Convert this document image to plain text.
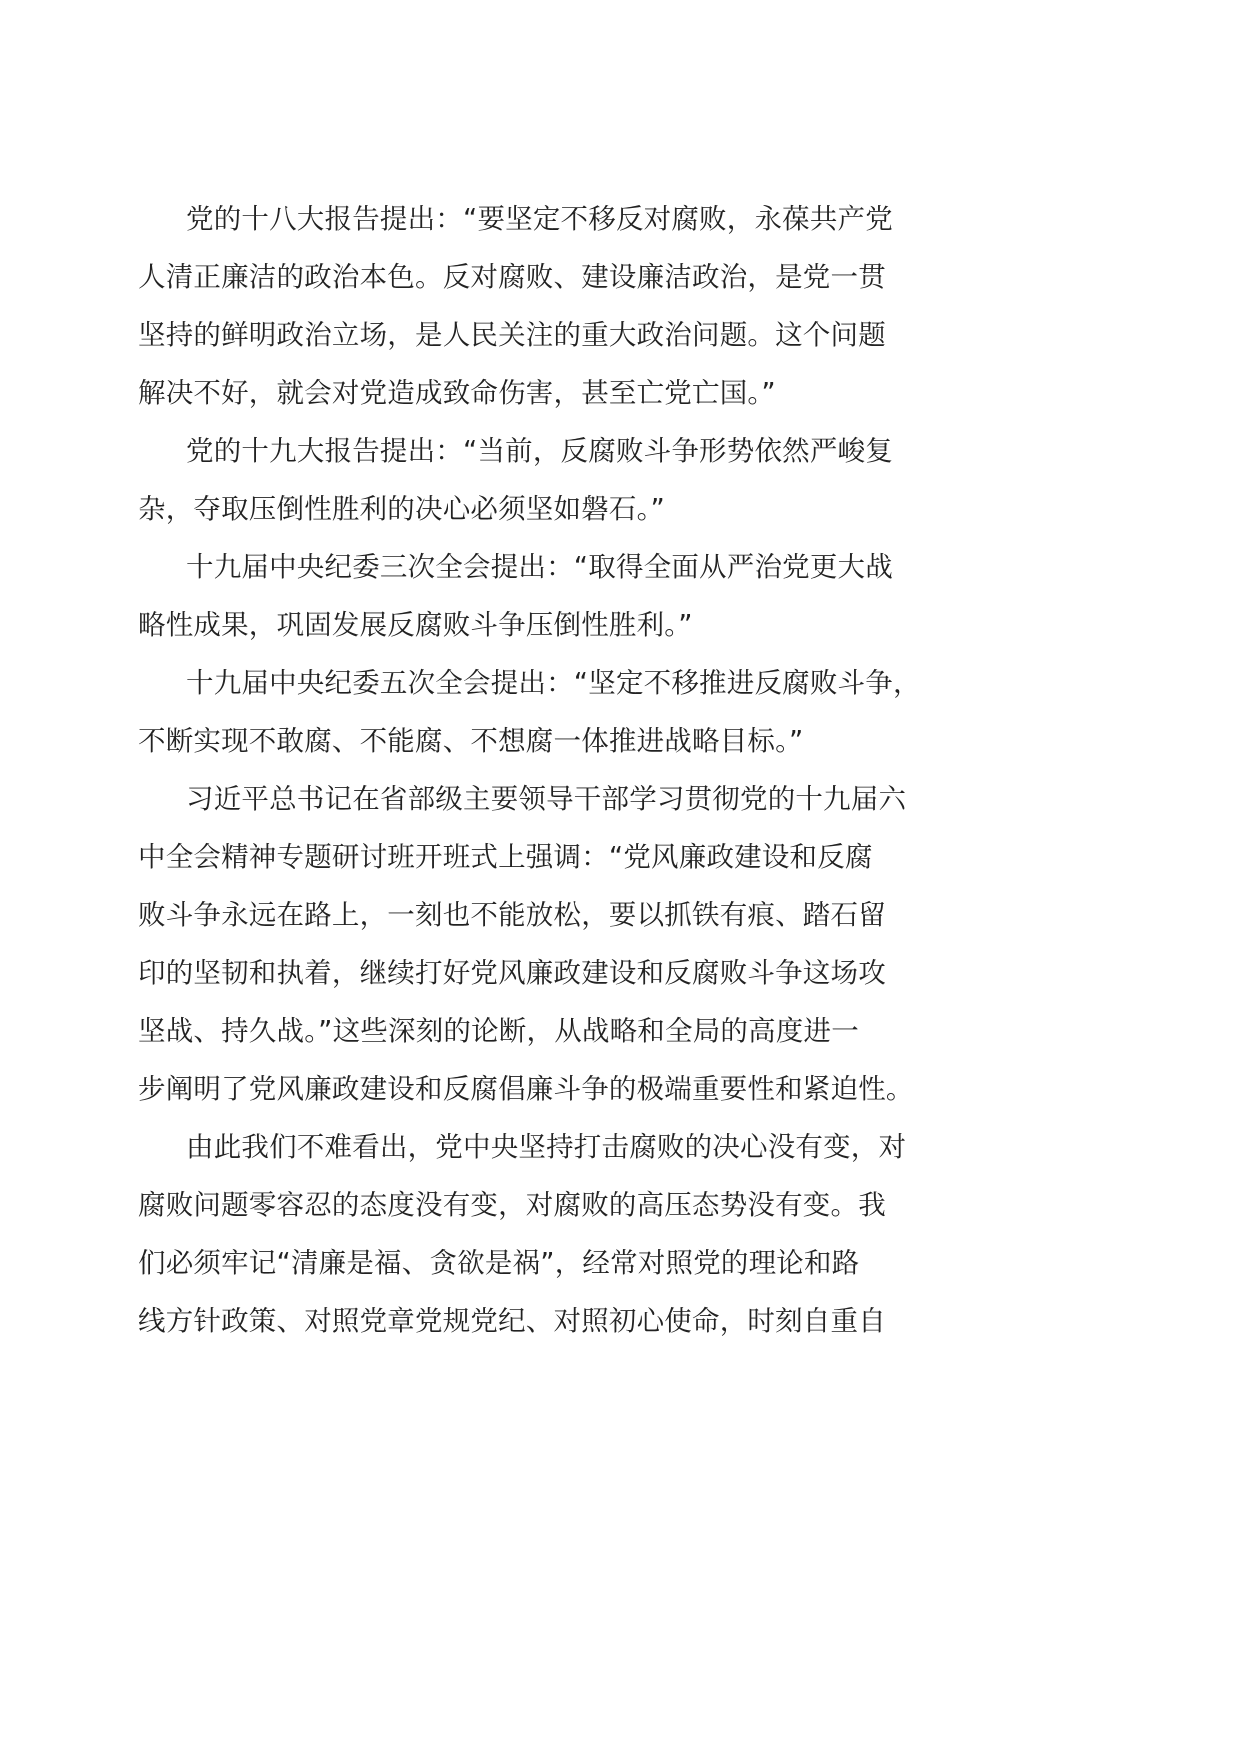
党的十八大报告提出：“要坚定不移反对腐败，永葆共产党
人清正廉洁的政治本色。反对腐败、建设廉洁政治，是党一贯
坚持的鲜明政治立场，是人民关注的重大政治问题。这个问题
解决不好，就会对党造成致命伤害，甚至亡党亡国。”
党的十九大报告提出：“当前，反腐败斗争形势依然严峻复
杂，夺取压倒性胜利的决心必须坚如磐石。”
十九届中央纪委三次全会提出：“取得全面从严治党更大战
略性成果，巩固发展反腐败斗争压倒性胜利。”
十九届中央纪委五次全会提出：“坚定不移推进反腐败斗争，
不断实现不敢腐、不能腐、不想腐一体推进战略目标。”
习近平总书记在省部级主要领导干部学习贯彻党的十九届六
中全会精神专题研讨班开班式上强调：“党风廉政建设和反腐
败斗争永远在路上，一刻也不能放松，要以抓铁有痕、踏石留
印的坚韧和执着，继续打好党风廉政建设和反腐败斗争这场攻
坚战、持久战。”这些深刻的论断，从战略和全局的高度进一
步阐明了党风廉政建设和反腐倡廉斗争的极端重要性和紧迫性。
由此我们不难看出，党中央坚持打击腐败的决心没有变，对
腐败问题零容忍的态度没有变，对腐败的高压态势没有变。我
们必须牢记“清廉是福、贪欲是祸”，经常对照党的理论和路
线方针政策、对照党章党规党纪、对照初心使命，时刻自重自
